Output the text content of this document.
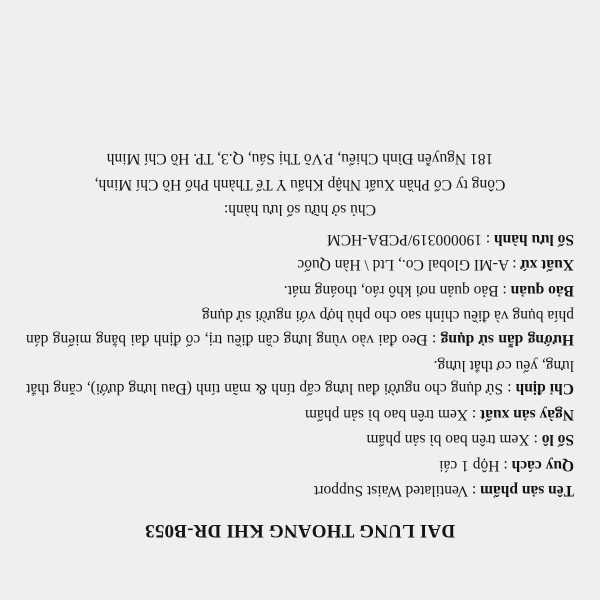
DAI LUNG THOANG KHI DR-B053
Tên sản phẩm : Ventilated Waist Support
Quy cách : Hộp 1 cái
Số lô : Xem trên bao bì sản phẩm
Ngày sản xuất : Xem trên bao bì sản phẩm
Chỉ định : Sử dụng cho người đau lưng cấp tính & mãn tính (Đau lưng dưới), căng thắt lưng, yếu cơ thắt lưng.
Hướng dẫn sử dụng : Đeo đai vào vùng lưng cần điều trị, cố định đai bằng miếng dán phía bụng và điều chỉnh sao cho phù hợp với người sử dụng
Bảo quản : Bảo quản nơi khô ráo, thoáng mát.
Xuất xứ : A-MI Global Co., Ltd \ Hàn Quốc
Số lưu hành : 190000319/PCBA-HCM
Chủ sở hữu số lưu hành:
Công ty Cổ Phần Xuất Nhập Khẩu Y Tế Thành Phố Hồ Chí Minh,
181 Nguyễn Đình Chiểu, P.Võ Thị Sáu, Q.3, TP. Hồ Chí Minh
